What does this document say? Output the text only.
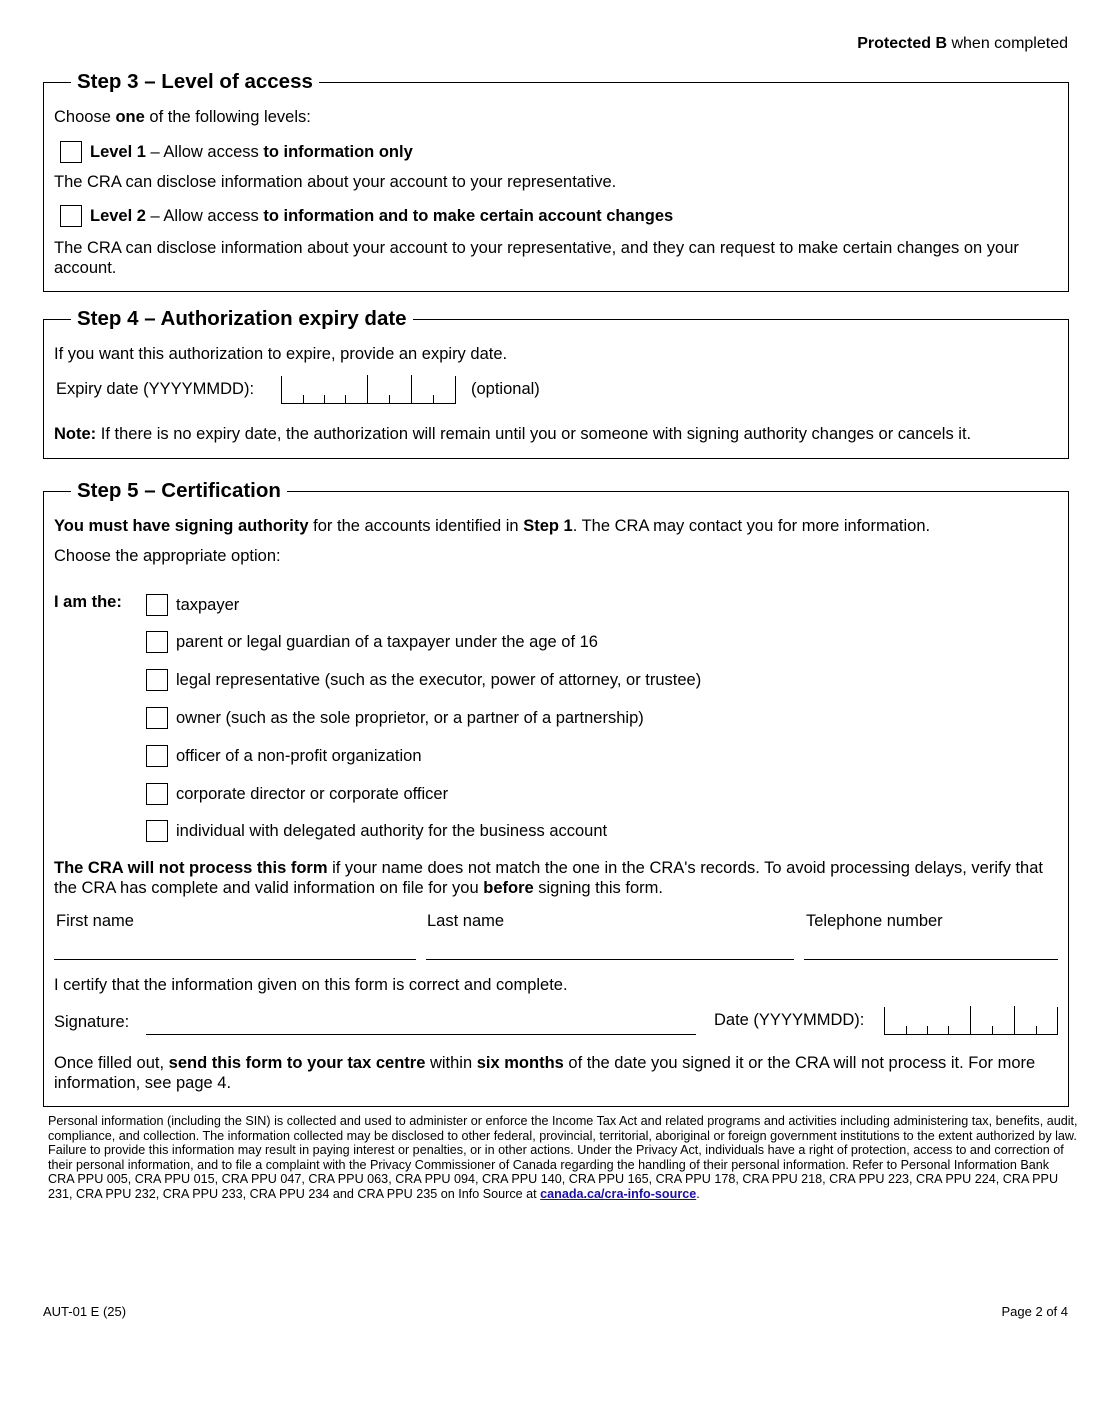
Protected B when completed
Step 3 – Level of access
Choose one of the following levels:
Level 1 – Allow access to information only
The CRA can disclose information about your account to your representative.
Level 2 – Allow access to information and to make certain account changes
The CRA can disclose information about your account to your representative, and they can request to make certain changes on your account.
Step 4 – Authorization expiry date
If you want this authorization to expire, provide an expiry date.
Expiry date (YYYYMMDD):	(optional)
Note: If there is no expiry date, the authorization will remain until you or someone with signing authority changes or cancels it.
Step 5 – Certification
You must have signing authority for the accounts identified in Step 1. The CRA may contact you for more information.
Choose the appropriate option:
I am the:	taxpayer
parent or legal guardian of a taxpayer under the age of 16
legal representative (such as the executor, power of attorney, or trustee)
owner (such as the sole proprietor, or a partner of a partnership)
officer of a non-profit organization
corporate director or corporate officer
individual with delegated authority for the business account
The CRA will not process this form if your name does not match the one in the CRA's records. To avoid processing delays, verify that the CRA has complete and valid information on file for you before signing this form.
First name	Last name	Telephone number
I certify that the information given on this form is correct and complete.
Signature:	Date (YYYYMMDD):
Once filled out, send this form to your tax centre within six months of the date you signed it or the CRA will not process it. For more information, see page 4.
Personal information (including the SIN) is collected and used to administer or enforce the Income Tax Act and related programs and activities including administering tax, benefits, audit, compliance, and collection. The information collected may be disclosed to other federal, provincial, territorial, aboriginal or foreign government institutions to the extent authorized by law. Failure to provide this information may result in paying interest or penalties, or in other actions. Under the Privacy Act, individuals have a right of protection, access to and correction of their personal information, and to file a complaint with the Privacy Commissioner of Canada regarding the handling of their personal information. Refer to Personal Information Bank CRA PPU 005, CRA PPU 015, CRA PPU 047, CRA PPU 063, CRA PPU 094, CRA PPU 140, CRA PPU 165, CRA PPU 178, CRA PPU 218, CRA PPU 223, CRA PPU 224, CRA PPU 231, CRA PPU 232, CRA PPU 233, CRA PPU 234 and CRA PPU 235 on Info Source at canada.ca/cra-info-source.
AUT-01 E (25)	Page 2 of 4
